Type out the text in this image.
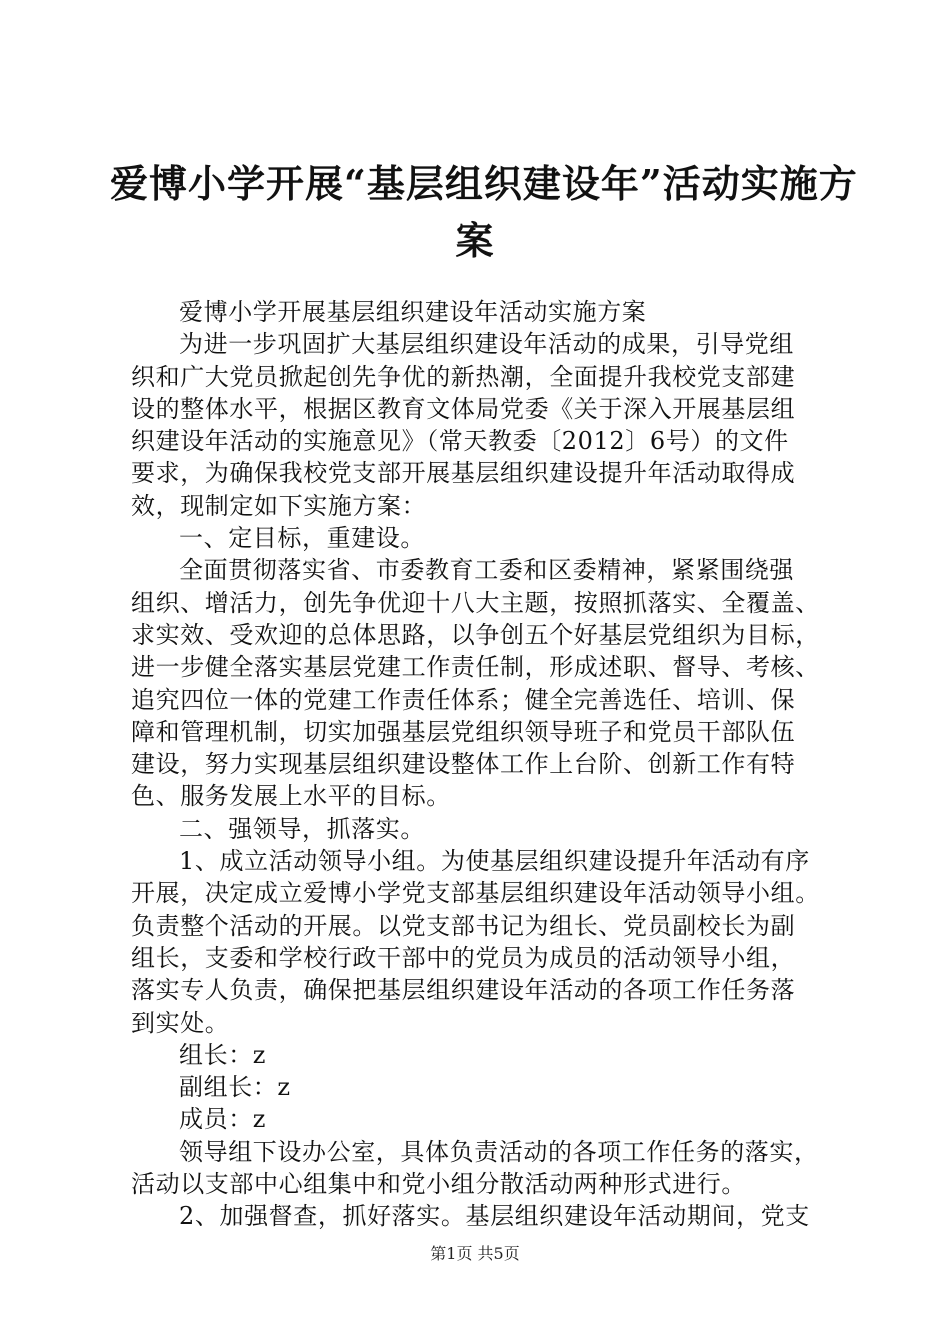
爱博小学开展“基层组织建设年”活动实施方
案
爱博小学开展基层组织建设年活动实施方案
为进一步巩固扩大基层组织建设年活动的成果，引导党组
织和广大党员掀起创先争优的新热潮，全面提升我校党支部建
设的整体水平，根据区教育文体局党委《关于深入开展基层组
织建设年活动的实施意见》（常天教委〔2012〕6号）的文件
要求，为确保我校党支部开展基层组织建设提升年活动取得成
效，现制定如下实施方案：
一、定目标，重建设。
全面贯彻落实省、市委教育工委和区委精神，紧紧围绕强
组织、增活力，创先争优迎十八大主题，按照抓落实、全覆盖、
求实效、受欢迎的总体思路，以争创五个好基层党组织为目标，
进一步健全落实基层党建工作责任制，形成述职、督导、考核、
追究四位一体的党建工作责任体系；健全完善选任、培训、保
障和管理机制，切实加强基层党组织领导班子和党员干部队伍
建设，努力实现基层组织建设整体工作上台阶、创新工作有特
色、服务发展上水平的目标。
二、强领导，抓落实。
1、成立活动领导小组。为使基层组织建设提升年活动有序
开展，决定成立爱博小学党支部基层组织建设年活动领导小组。
负责整个活动的开展。以党支部书记为组长、党员副校长为副
组长，支委和学校行政干部中的党员为成员的活动领导小组，
落实专人负责，确保把基层组织建设年活动的各项工作任务落
到实处。
组长：z
副组长：z
成员：z
领导组下设办公室，具体负责活动的各项工作任务的落实，
活动以支部中心组集中和党小组分散活动两种形式进行。
2、加强督查，抓好落实。基层组织建设年活动期间，党支
第1页 共5页
